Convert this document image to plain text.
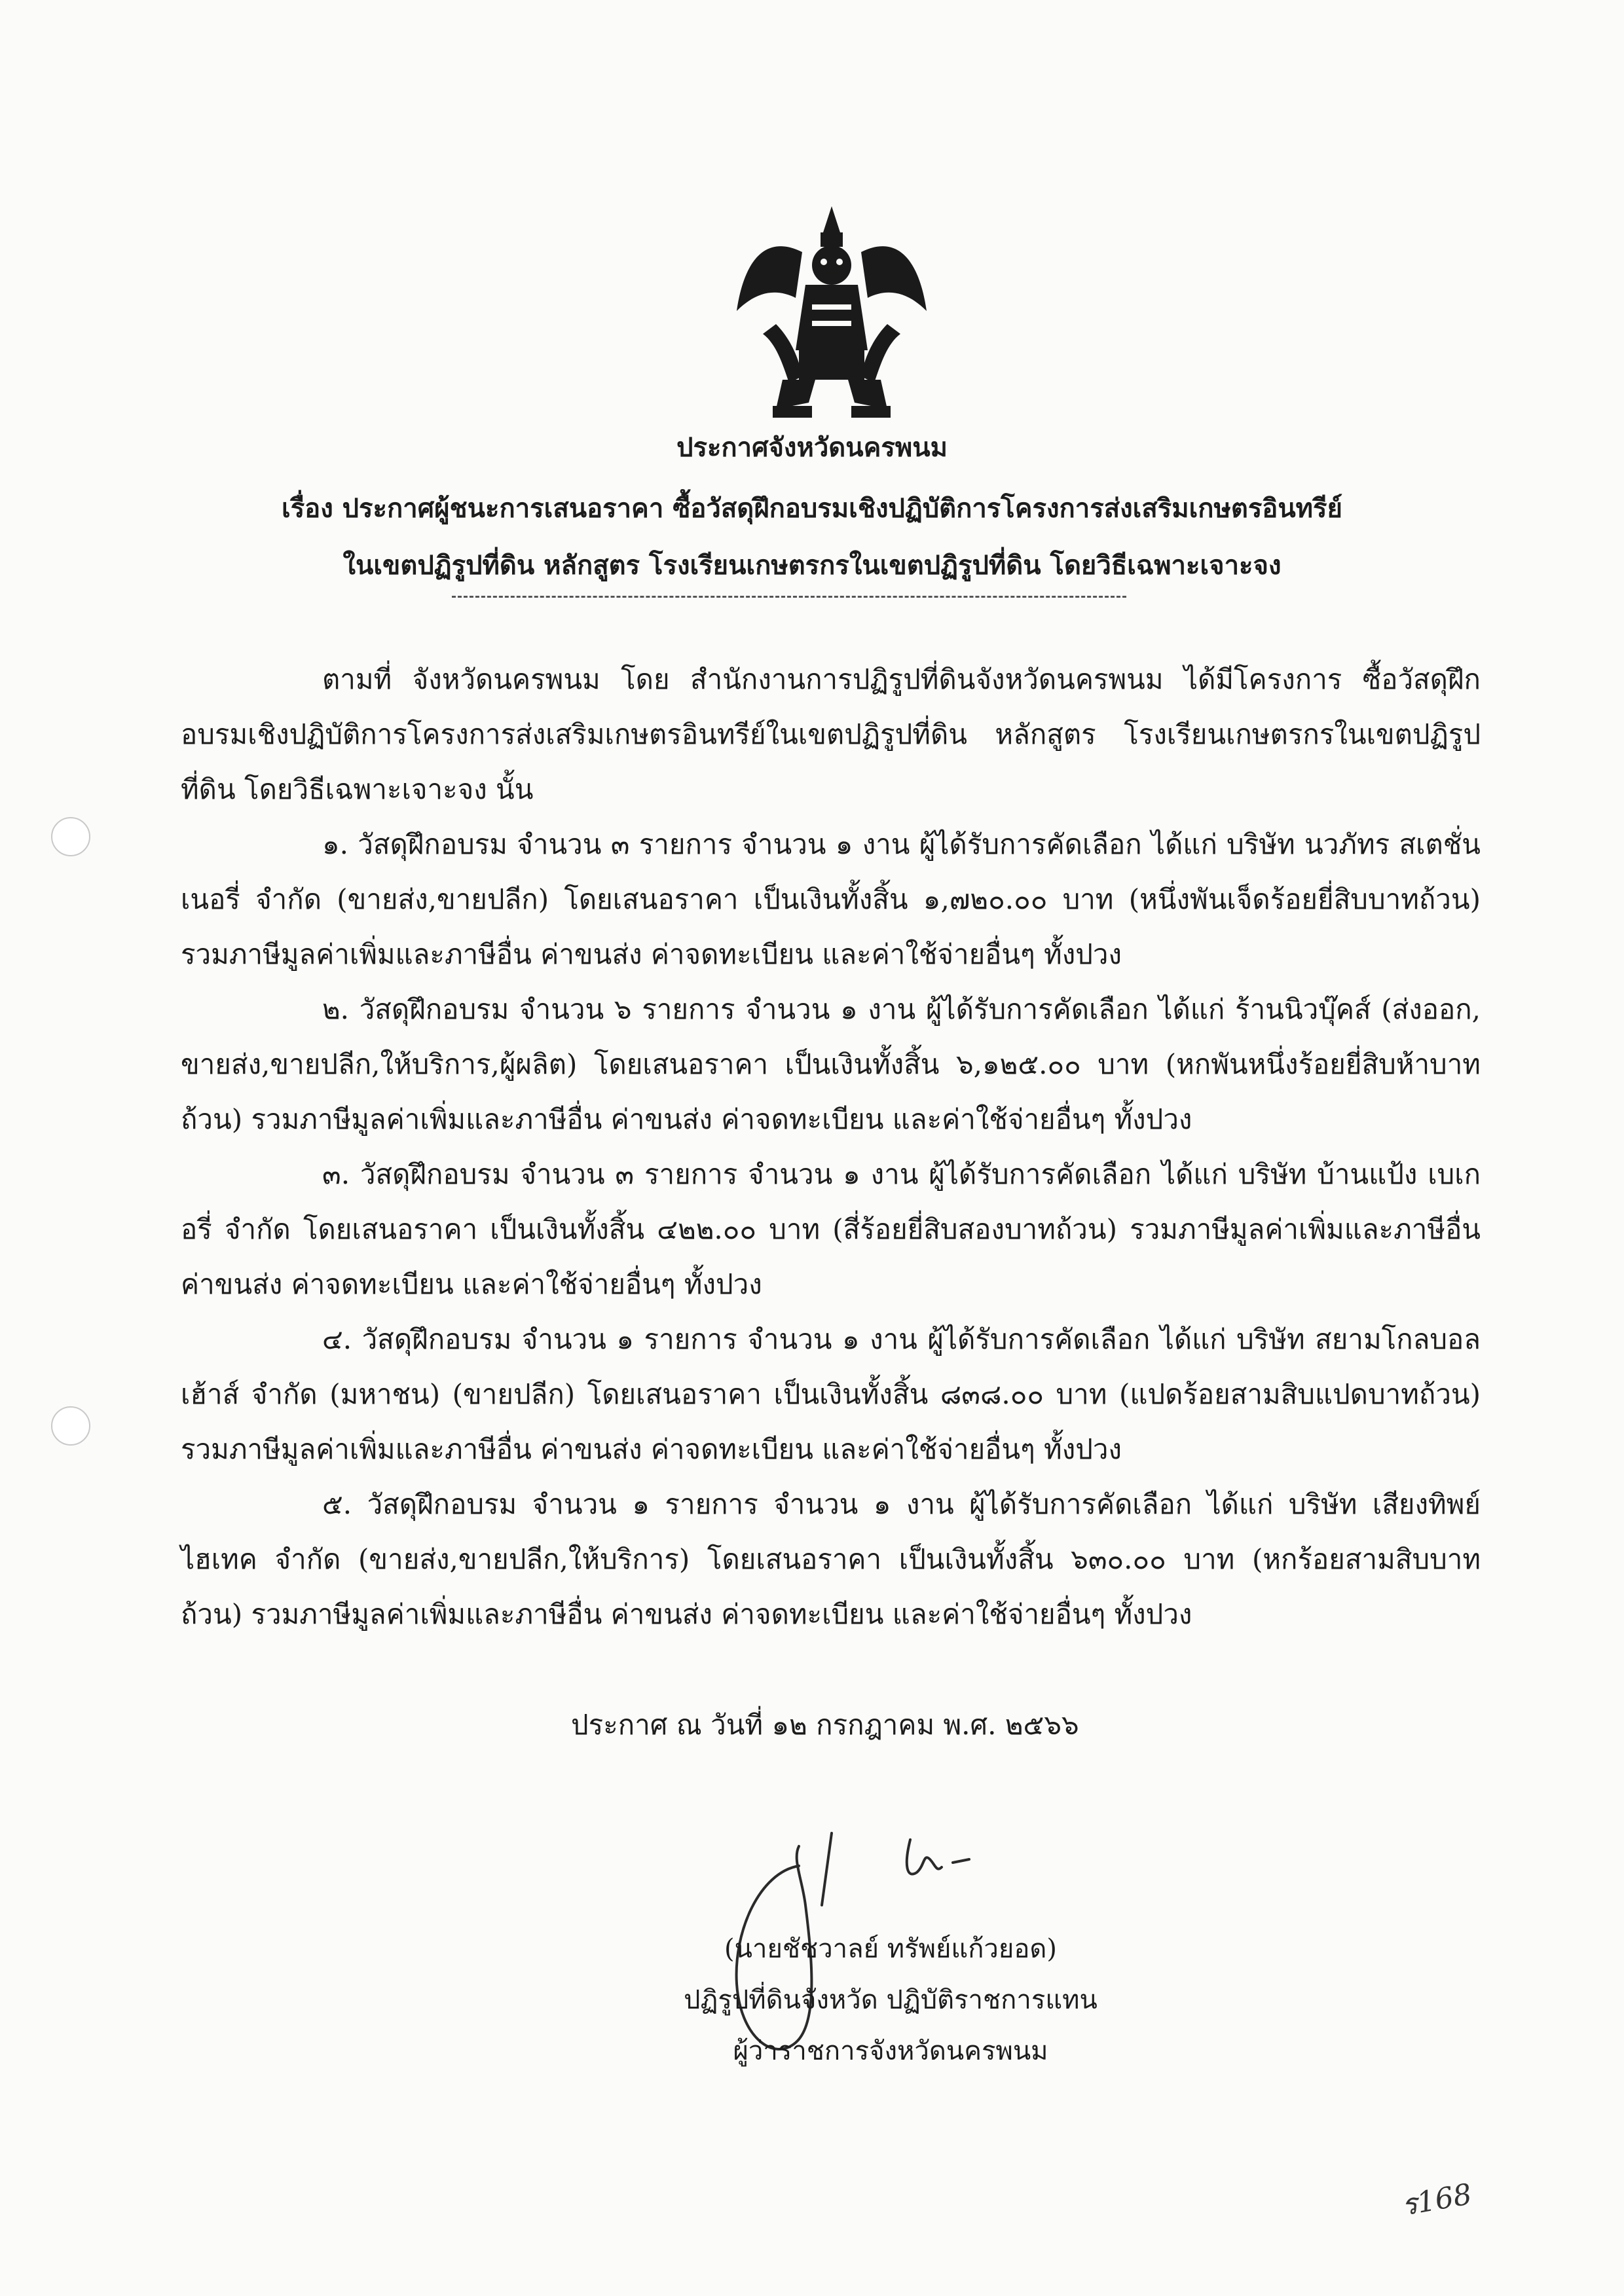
ประกาศจังหวัดนครพนม
เรื่อง ประกาศผู้ชนะการเสนอราคา ซื้อวัสดุฝึกอบรมเชิงปฏิบัติการโครงการส่งเสริมเกษตรอินทรีย์
ในเขตปฏิรูปที่ดิน หลักสูตร โรงเรียนเกษตรกรในเขตปฏิรูปที่ดิน โดยวิธีเฉพาะเจาะจง

ตามที่ จังหวัดนครพนม โดย สำนักงานการปฏิรูปที่ดินจังหวัดนครพนม ได้มีโครงการ ซื้อวัสดุฝึกอบรมเชิงปฏิบัติการโครงการส่งเสริมเกษตรอินทรีย์ในเขตปฏิรูปที่ดิน หลักสูตร โรงเรียนเกษตรกรในเขตปฏิรูปที่ดิน โดยวิธีเฉพาะเจาะจง นั้น

๑. วัสดุฝึกอบรม จำนวน ๓ รายการ จำนวน ๑ งาน ผู้ได้รับการคัดเลือก ได้แก่ บริษัท นวภัทร สเตชั่นเนอรี่ จำกัด (ขายส่ง,ขายปลีก) โดยเสนอราคา เป็นเงินทั้งสิ้น ๑,๗๒๐.๐๐ บาท (หนึ่งพันเจ็ดร้อยยี่สิบบาทถ้วน) รวมภาษีมูลค่าเพิ่มและภาษีอื่น ค่าขนส่ง ค่าจดทะเบียน และค่าใช้จ่ายอื่นๆ ทั้งปวง

๒. วัสดุฝึกอบรม จำนวน ๖ รายการ จำนวน ๑ งาน ผู้ได้รับการคัดเลือก ได้แก่ ร้านนิวบุ๊คส์ (ส่งออก, ขายส่ง,ขายปลีก,ให้บริการ,ผู้ผลิต) โดยเสนอราคา เป็นเงินทั้งสิ้น ๖,๑๒๕.๐๐ บาท (หกพันหนึ่งร้อยยี่สิบห้าบาทถ้วน) รวมภาษีมูลค่าเพิ่มและภาษีอื่น ค่าขนส่ง ค่าจดทะเบียน และค่าใช้จ่ายอื่นๆ ทั้งปวง

๓. วัสดุฝึกอบรม จำนวน ๓ รายการ จำนวน ๑ งาน ผู้ได้รับการคัดเลือก ได้แก่ บริษัท บ้านแป้ง เบเกอรี่ จำกัด โดยเสนอราคา เป็นเงินทั้งสิ้น ๔๒๒.๐๐ บาท (สี่ร้อยยี่สิบสองบาทถ้วน) รวมภาษีมูลค่าเพิ่มและภาษีอื่น ค่าขนส่ง ค่าจดทะเบียน และค่าใช้จ่ายอื่นๆ ทั้งปวง

๔. วัสดุฝึกอบรม จำนวน ๑ รายการ จำนวน ๑ งาน ผู้ได้รับการคัดเลือก ได้แก่ บริษัท สยามโกลบอลเฮ้าส์ จำกัด (มหาชน) (ขายปลีก) โดยเสนอราคา เป็นเงินทั้งสิ้น ๘๓๘.๐๐ บาท (แปดร้อยสามสิบแปดบาทถ้วน) รวมภาษีมูลค่าเพิ่มและภาษีอื่น ค่าขนส่ง ค่าจดทะเบียน และค่าใช้จ่ายอื่นๆ ทั้งปวง

๕. วัสดุฝึกอบรม จำนวน ๑ รายการ จำนวน ๑ งาน ผู้ได้รับการคัดเลือก ได้แก่ บริษัท เสียงทิพย์ไฮเทค จำกัด (ขายส่ง,ขายปลีก,ให้บริการ) โดยเสนอราคา เป็นเงินทั้งสิ้น ๖๓๐.๐๐ บาท (หกร้อยสามสิบบาทถ้วน) รวมภาษีมูลค่าเพิ่มและภาษีอื่น ค่าขนส่ง ค่าจดทะเบียน และค่าใช้จ่ายอื่นๆ ทั้งปวง

ประกาศ ณ วันที่ ๑๒ กรกฎาคม พ.ศ. ๒๕๖๖
(นายชัชวาลย์ ทรัพย์แก้วยอด)
ปฏิรูปที่ดินจังหวัด ปฏิบัติราชการแทน
ผู้ว่าราชการจังหวัดนครพนม
ร168
